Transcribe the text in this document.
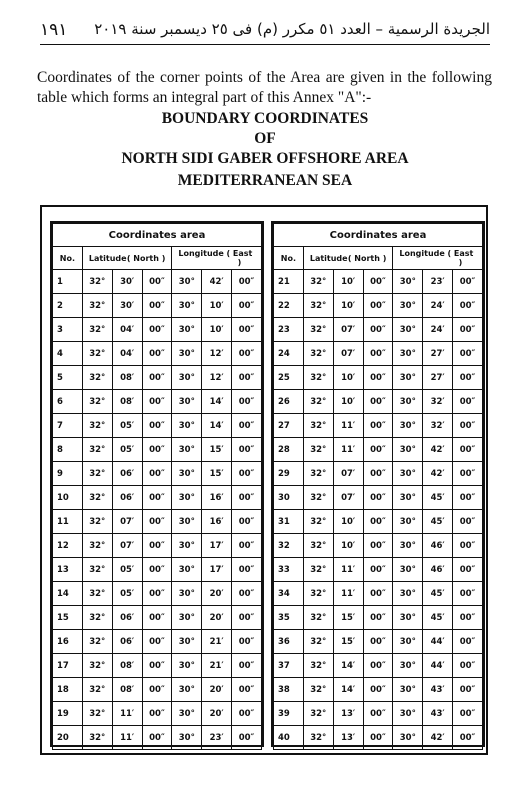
١٩١ الجريدة الرسمية – العدد ٥١ مكرر (م) فى ٢٥ ديسمبر سنة ٢٠١٩
Coordinates of the corner points of the Area are given in the following table which forms an integral part of this Annex "A":-
BOUNDARY COORDINATES
OF
NORTH SIDI GABER OFFSHORE AREA
MEDITERRANEAN SEA
Coordinates area						
No.	Latitude ( North )			Longitude ( East )		

1	32°	30′	00″	30°	42′	00″
2	32°	30′	00″	30°	10′	00″
3	32°	04′	00″	30°	10′	00″
4	32°	04′	00″	30°	12′	00″
5	32°	08′	00″	30°	12′	00″
6	32°	08′	00″	30°	14′	00″
7	32°	05′	00″	30°	14′	00″
8	32°	05′	00″	30°	15′	00″
9	32°	06′	00″	30°	15′	00″
10	32°	06′	00″	30°	16′	00″
11	32°	07′	00″	30°	16′	00″
12	32°	07′	00″	30°	17′	00″
13	32°	05′	00″	30°	17′	00″
14	32°	05′	00″	30°	20′	00″
15	32°	06′	00″	30°	20′	00″
16	32°	06′	00″	30°	21′	00″
17	32°	08′	00″	30°	21′	00″
18	32°	08′	00″	30°	20′	00″
19	32°	11′	00″	30°	20′	00″
20	32°	11′	00″	30°	23′	00″
Coordinates area						
No.	Latitude ( North )			Longitude ( East )		

21	32°	10′	00″	30°	23′	00″
22	32°	10′	00″	30°	24′	00″
23	32°	07′	00″	30°	24′	00″
24	32°	07′	00″	30°	27′	00″
25	32°	10′	00″	30°	27′	00″
26	32°	10′	00″	30°	32′	00″
27	32°	11′	00″	30°	32′	00″
28	32°	11′	00″	30°	42′	00″
29	32°	07′	00″	30°	42′	00″
30	32°	07′	00″	30°	45′	00″
31	32°	10′	00″	30°	45′	00″
32	32°	10′	00″	30°	46′	00″
33	32°	11′	00″	30°	46′	00″
34	32°	11′	00″	30°	45′	00″
35	32°	15′	00″	30°	45′	00″
36	32°	15′	00″	30°	44′	00″
37	32°	14′	00″	30°	44′	00″
38	32°	14′	00″	30°	43′	00″
39	32°	13′	00″	30°	43′	00″
40	32°	13′	00″	30°	42′	00″
